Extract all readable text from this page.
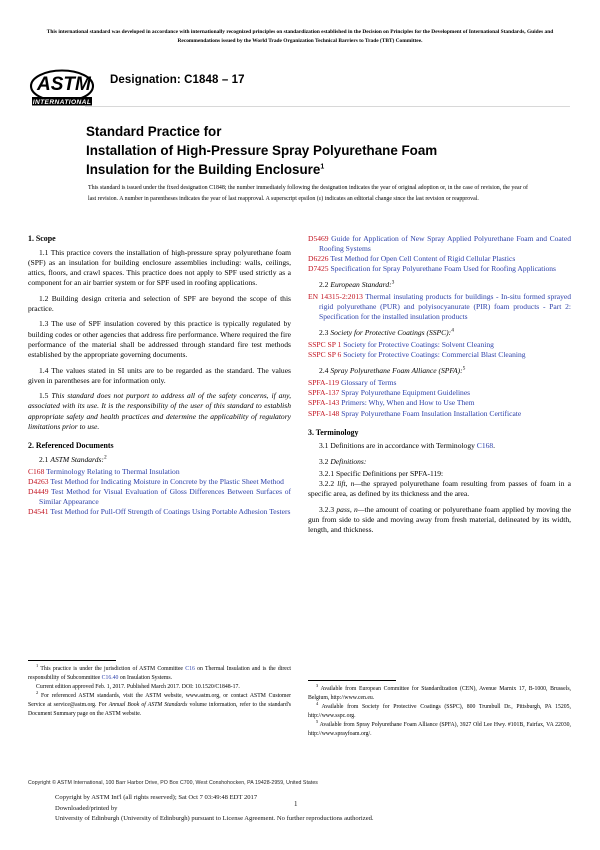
This international standard was developed in accordance with internationally recognized principles on standardization established in the Decision on Principles for the Development of International Standards, Guides and Recommendations issued by the World Trade Organization Technical Barriers to Trade (TBT) Committee.
ASTM
INTERNATIONAL
Designation: C1848 – 17
Standard Practice for
Installation of High-Pressure Spray Polyurethane Foam
Insulation for the Building Enclosure$^1$
This standard is issued under the fixed designation C1848; the number immediately following the designation indicates the year of original adoption or, in the case of revision, the year of last revision. A number in parentheses indicates the year of last reapproval. A superscript epsilon (ε) indicates an editorial change since the last revision or reapproval.
1. Scope

1.1 This practice covers the installation of high-pressure spray polyurethane foam (SPF) as an insulation for building enclosure assemblies including: walls, ceilings, attics, floors, and crawl spaces. This practice does not apply to SPF used strictly as a component for an air barrier system or for SPF used in roofing applications.

1.2 Building design criteria and selection of SPF are beyond the scope of this practice.

1.3 The use of SPF insulation covered by this practice is typically regulated by building codes or other agencies that address fire performance. Where required the fire performance of the material shall be addressed through standard fire test methods established by the appropriate governing documents.

1.4 The values stated in SI units are to be regarded as the standard. The values given in parentheses are for information only.

1.5 This standard does not purport to address all of the safety concerns, if any, associated with its use. It is the responsibility of the user of this standard to establish appropriate safety and health practices and determine the applicability of regulatory limitations prior to use.

2. Referenced Documents

2.1 ASTM Standards:$^2$

C168 Terminology Relating to Thermal Insulation

D4263 Test Method for Indicating Moisture in Concrete by the Plastic Sheet Method

D4449 Test Method for Visual Evaluation of Gloss Differences Between Surfaces of Similar Appearance

D4541 Test Method for Pull-Off Strength of Coatings Using Portable Adhesion Testers

D5469 Guide for Application of New Spray Applied Polyurethane Foam and Coated Roofing Systems

D6226 Test Method for Open Cell Content of Rigid Cellular Plastics

D7425 Specification for Spray Polyurethane Foam Used for Roofing Applications

2.2 European Standard:$^3$

EN 14315-2:2013 Thermal insulating products for buildings - In-situ formed sprayed rigid polyurethane (PUR) and polyisocyanurate (PIR) foam products - Part 2: Specification for the installed insulation products

2.3 Society for Protective Coatings (SSPC):$^4$

SSPC SP 1 Society for Protective Coatings: Solvent Cleaning

SSPC SP 6 Society for Protective Coatings: Commercial Blast Cleaning

2.4 Spray Polyurethane Foam Alliance (SPFA):$^5$

SPFA-119 Glossary of Terms

SPFA-137 Spray Polyurethane Equipment Guidelines

SPFA-143 Primers: Why, When and How to Use Them

SPFA-148 Spray Polyurethane Foam Insulation Installation Certificate

3. Terminology

3.1 Definitions are in accordance with Terminology C168.

3.2 Definitions:

3.2.1 Specific Definitions per SPFA-119:

3.2.2 lift, n—the sprayed polyurethane foam resulting from passes of foam in a specific area, as defined by its thickness and the area.

3.2.3 pass, n—the amount of coating or polyurethane foam applied by moving the gun from side to side and moving away from fresh material, delineated by its width, length, and thickness.

$^1$ This practice is under the jurisdiction of ASTM Committee C16 on Thermal Insulation and is the direct responsibility of Subcommittee C16.40 on Insulation Systems.

Current edition approved Feb. 1, 2017. Published March 2017. DOI: 10.1520/C1848-17.

$^2$ For referenced ASTM standards, visit the ASTM website, www.astm.org, or contact ASTM Customer Service at service@astm.org. For Annual Book of ASTM Standards volume information, refer to the standard's Document Summary page on the ASTM website.

$^3$ Available from European Committee for Standardization (CEN), Avenue Marnix 17, B-1000, Brussels, Belgium, http://www.cen.eu.

$^4$ Available from Society for Protective Coatings (SSPC), 800 Trumbull Dr., Pittsburgh, PA 15205, http://www.sspc.org.

$^5$ Available from Spray Polyurethane Foam Alliance (SPFA), 3927 Old Lee Hwy. #101B, Fairfax, VA 22030, http://www.sprayfoam.org/.

Copyright © ASTM International, 100 Barr Harbor Drive, PO Box C700, West Conshohocken, PA 19428-2959, United States
Copyright by ASTM Int'l (all rights reserved); Sat Oct 7 03:49:48 EDT 2017
Downloaded/printed by
University of Edinburgh (University of Edinburgh) pursuant to License Agreement. No further reproductions authorized.
1
